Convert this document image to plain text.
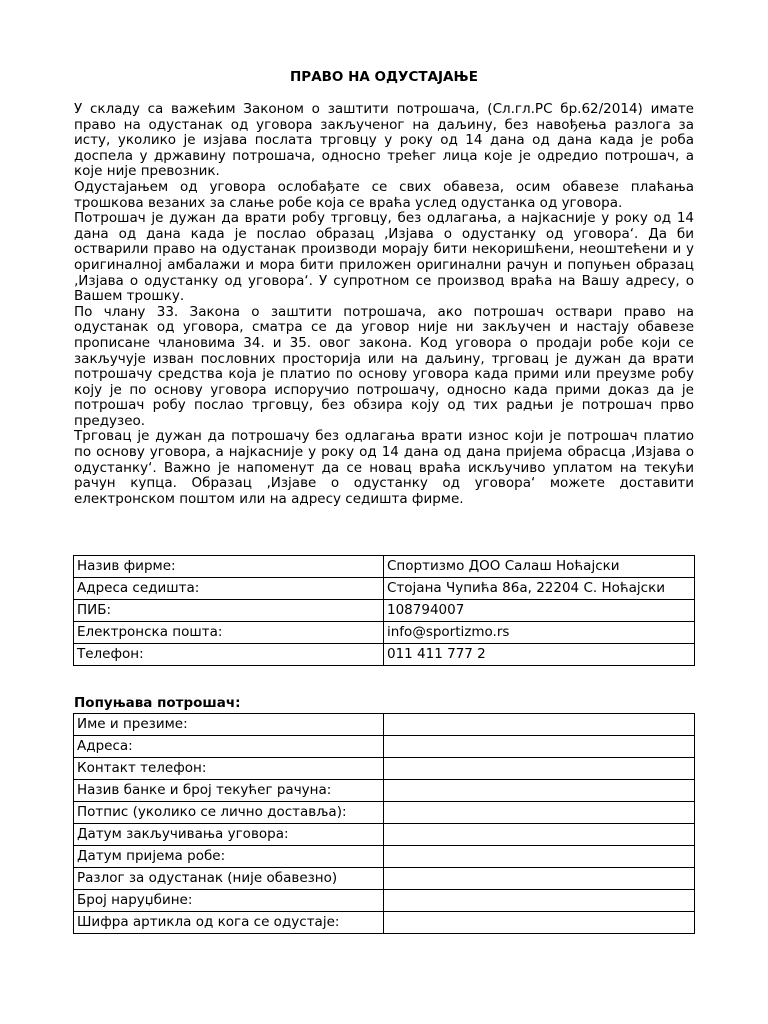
ПРАВО НА ОДУСТАЈАЊЕ

У складу са важећим Законом о заштити потрошача, (Сл.гл.РС бр.62/2014) имате право на одустанак од уговора закљученог на даљину, без навођења разлога за исту, уколико је изјава послата трговцу у року од 14 дана од дана када је роба доспела у државину потрошача, односно трећег лица које је одредио потрошач, а које није превозник.

Одустајањем од уговора ослобађате се свих обавеза, осим обавезе плаћања трошкова везаних за слање робе која се враћа услед одустанка од уговора.

Потрошач је дужан да врати робу трговцу, без одлагања, а најкасније у року од 14 дана од дана када је послао образац ‚Изјава о одустанку од уговора‘. Да би остварили право на одустанак производи морају бити некоришћени, неоштећени и у оригиналној амбалажи и мора бити приложен оригинални рачун и попуњен образац ‚Изјава о одустанку од уговора‘. У супротном се производ враћа на Вашу адресу, о Вашем трошку.

По члану 33. Закона о заштити потрошача, ако потрошач оствари право на одустанак од уговора, сматра се да уговор није ни закључен и настају обавезе прописане члановима 34. и 35. овог закона. Код уговора о продаји робе који се закључује изван пословних просторија или на даљину, трговац је дужан да врати потрошачу средства која је платио по основу уговора када прими или преузме робу коју је по основу уговора испоручио потрошачу, односно када прими доказ да је потрошач робу послао трговцу, без обзира коју од тих радњи је потрошач прво предузео.

Трговац је дужан да потрошачу без одлагања врати износ који је потрошач платио по основу уговора, а најкасније у року од 14 дана од дана пријема обрасца ‚Изјава о одустанку‘. Важно је напоменут да се новац враћа искључиво уплатом на текући рачун купца. Образац ‚Изјаве о одустанку од уговора‘ можете доставити електронском поштом или на адресу седишта фирме.

Назив фирме:	Спортизмо ДОО Салаш Ноћајски
Адреса седишта:	Стојана Чупића 86а, 22204 С. Ноћајски
ПИБ:	108794007
Електронска пошта:	info@sportizmo.rs
Телефон:	011 411 777 2
Попуњава потрошач:
Име и презиме:	
Адреса:	
Контакт телефон:	
Назив банке и број текућег рачуна:	
Потпис (уколико се лично доставља):	
Датум закључивања уговора:	
Датум пријема робе:	
Разлог за одустанак (није обавезно)	
Број наруџбине:	
Шифра артикла од кога се одустаје:	
